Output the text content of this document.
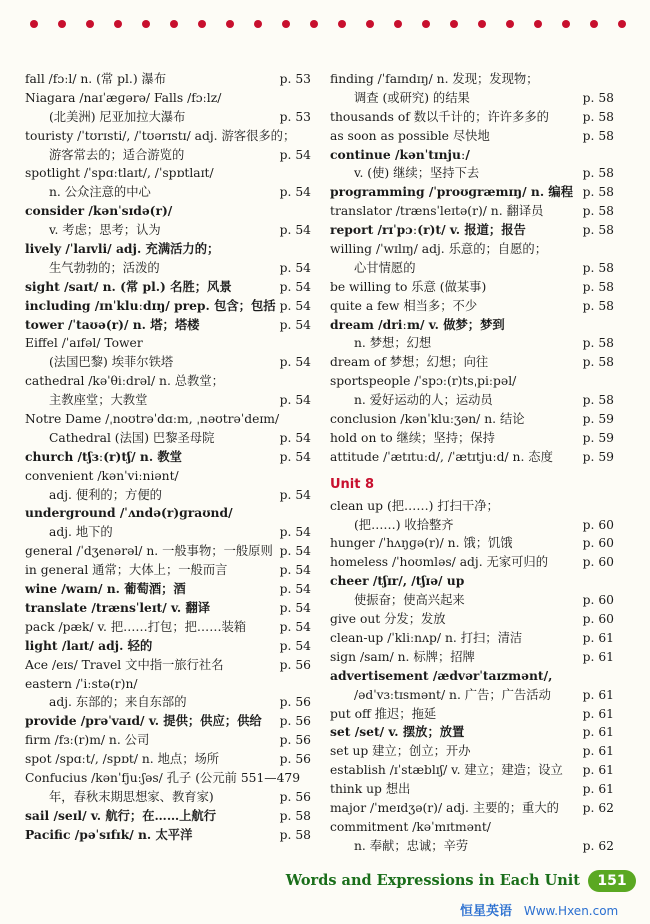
fall /fɔːl/ n. (常 pl.) 瀑布	p. 53
Niagara /naɪˈæɡərə/ Falls /fɔːlz/
(北美洲) 尼亚加拉大瀑布	p. 53
touristy /ˈtʊrɪsti/, /ˈtʊərɪstɪ/ adj. 游客很多的；
游客常去的；适合游览的	p. 54
spotlight /ˈspɑːtlaɪt/, /ˈspɒtlaɪt/
n. 公众注意的中心	p. 54
consider /kənˈsɪdə(r)/
v. 考虑；思考；认为	p. 54
lively /ˈlaɪvli/ adj. 充满活力的；
生气勃勃的；活泼的	p. 54
sight /saɪt/ n. (常 pl.) 名胜；风景	p. 54
including /ɪnˈkluːdɪŋ/ prep. 包含；包括 p. 54
tower /ˈtaʊə(r)/ n. 塔；塔楼	p. 54
Eiffel /ˈaɪfəl/ Tower
(法国巴黎) 埃菲尔铁塔	p. 54
cathedral /kəˈθiːdrəl/ n. 总教堂；
主教座堂；大教堂	p. 54
Notre Dame /ˌnoʊtrəˈdɑːm, ˌnəʊtrəˈdeɪm/
Cathedral (法国) 巴黎圣母院	p. 54
church /tʃɜː(r)tʃ/ n. 教堂	p. 54
convenient /kənˈviːniənt/
adj. 便利的；方便的	p. 54
underground /ˈʌndə(r)ɡraʊnd/
adj. 地下的	p. 54
general /ˈdʒenərəl/ n. 一般事物；一般原则 p. 54
in general 通常；大体上；一般而言	p. 54
wine /waɪn/ n. 葡萄酒；酒	p. 54
translate /trænsˈleɪt/ v. 翻译	p. 54
pack /pæk/ v. 把……打包；把……装箱	p. 54
light /laɪt/ adj. 轻的	p. 54
Ace /eɪs/ Travel 文中指一旅行社名	p. 56
eastern /ˈiːstə(r)n/
adj. 东部的；来自东部的	p. 56
provide /prəˈvaɪd/ v. 提供；供应；供给	p. 56
firm /fɜː(r)m/ n. 公司	p. 56
spot /spɑːt/, /spɒt/ n. 地点；场所	p. 56
Confucius /kənˈfjuːʃəs/ 孔子 (公元前 551—479
年，春秋末期思想家、教育家)	p. 56
sail /seɪl/ v. 航行；在……上航行	p. 58
Pacific /pəˈsɪfɪk/ n. 太平洋	p. 58
finding /ˈfaɪndɪŋ/ n. 发现；发现物；
调查 (或研究) 的结果	p. 58
thousands of 数以千计的；许许多多的	p. 58
as soon as possible 尽快地	p. 58
continue /kənˈtɪnjuː/
v. (使) 继续；坚持下去	p. 58
programming /ˈproʊɡræmɪŋ/ n. 编程 p. 58
translator /trænsˈleɪtə(r)/ n. 翻译员	p. 58
report /rɪˈpɔː(r)t/ v. 报道；报告	p. 58
willing /ˈwɪlɪŋ/ adj. 乐意的；自愿的；
心甘情愿的	p. 58
be willing to 乐意 (做某事)	p. 58
quite a few 相当多；不少	p. 58
dream /driːm/ v. 做梦；梦到
n. 梦想；幻想	p. 58
dream of 梦想；幻想；向往	p. 58
sportspeople /ˈspɔː(r)tsˌpiːpəl/
n. 爱好运动的人；运动员	p. 58
conclusion /kənˈkluːʒən/ n. 结论	p. 59
hold on to 继续；坚持；保持	p. 59
attitude /ˈætɪtuːd/, /ˈætɪtjuːd/ n. 态度	p. 59
Unit 8
clean up (把……) 打扫干净；
(把……) 收拾整齐	p. 60
hunger /ˈhʌŋɡə(r)/ n. 饿；饥饿	p. 60
homeless /ˈhoʊmləs/ adj. 无家可归的	p. 60
cheer /tʃɪr/, /tʃɪə/ up
使振奋；使高兴起来	p. 60
give out 分发；发放	p. 60
clean-up /ˈkliːnʌp/ n. 打扫；清洁	p. 61
sign /saɪn/ n. 标牌；招牌	p. 61
advertisement /ædvərˈtaɪzmənt/,
/ədˈvɜːtɪsmənt/ n. 广告；广告活动	p. 61
put off 推迟；拖延	p. 61
set /set/ v. 摆放；放置	p. 61
set up 建立；创立；开办	p. 61
establish /ɪˈstæblɪʃ/ v. 建立；建造；设立	p. 61
think up 想出	p. 61
major /ˈmeɪdʒə(r)/ adj. 主要的；重大的	p. 62
commitment /kəˈmɪtmənt/
n. 奉献；忠诚；辛劳	p. 62
Words and Expressions in Each Unit	151
恒星英语 Www.Hxen.com
